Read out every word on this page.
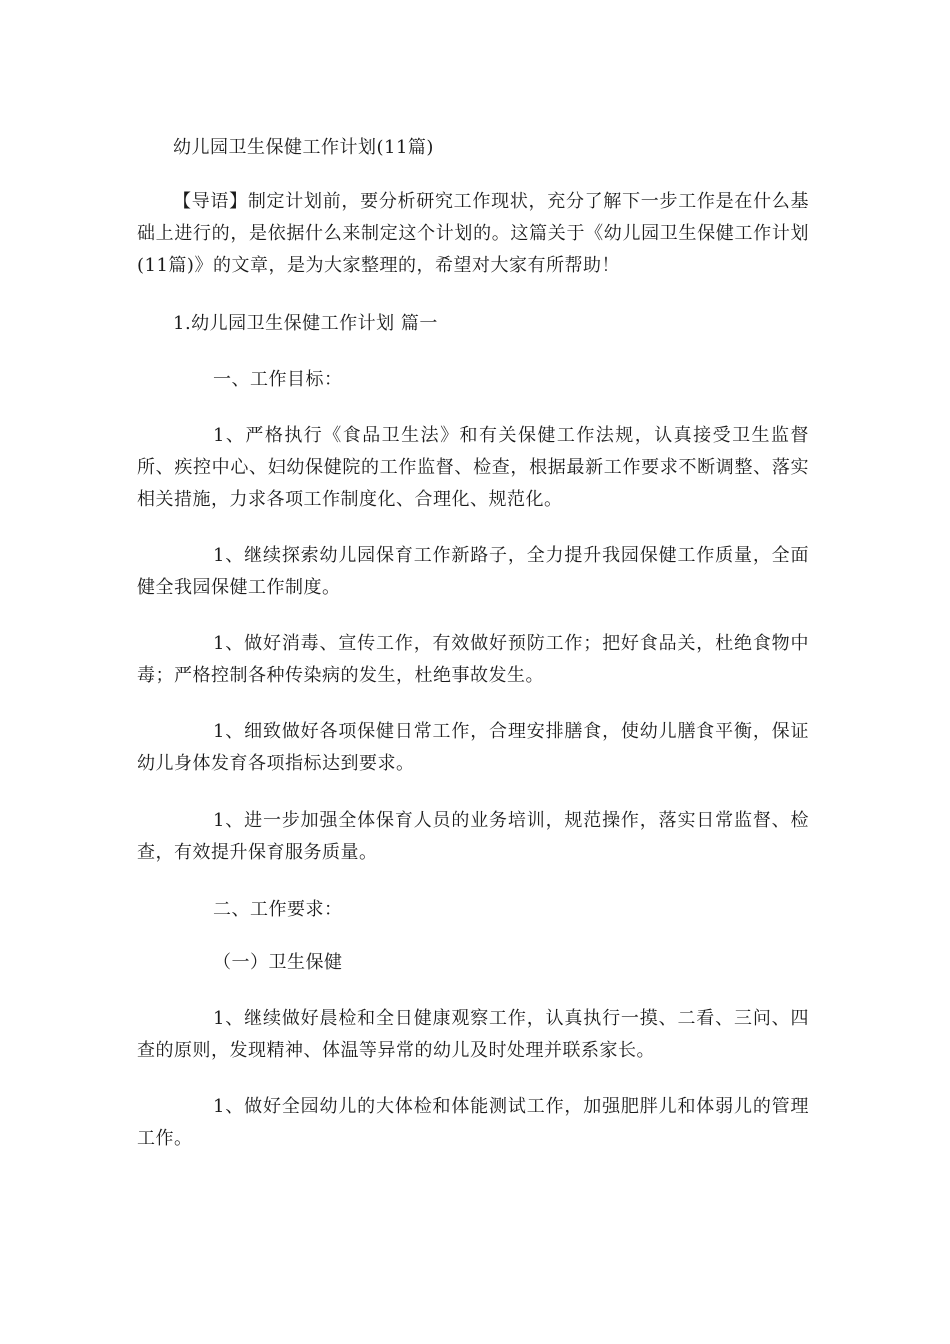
幼儿园卫生保健工作计划(11篇)

【导语】制定计划前，要分析研究工作现状，充分了解下一步工作是在什么基础上进行的，是依据什么来制定这个计划的。这篇关于《幼儿园卫生保健工作计划(11篇)》的文章，是为大家整理的，希望对大家有所帮助！

1.幼儿园卫生保健工作计划 篇一

一、工作目标：

1、严格执行《食品卫生法》和有关保健工作法规，认真接受卫生监督所、疾控中心、妇幼保健院的工作监督、检查，根据最新工作要求不断调整、落实相关措施，力求各项工作制度化、合理化、规范化。

1、继续探索幼儿园保育工作新路子，全力提升我园保健工作质量，全面健全我园保健工作制度。

1、做好消毒、宣传工作，有效做好预防工作；把好食品关，杜绝食物中毒；严格控制各种传染病的发生，杜绝事故发生。

1、细致做好各项保健日常工作，合理安排膳食，使幼儿膳食平衡，保证幼儿身体发育各项指标达到要求。

1、进一步加强全体保育人员的业务培训，规范操作，落实日常监督、检查，有效提升保育服务质量。

二、工作要求：

（一）卫生保健

1、继续做好晨检和全日健康观察工作，认真执行一摸、二看、三问、四查的原则，发现精神、体温等异常的幼儿及时处理并联系家长。

1、做好全园幼儿的大体检和体能测试工作，加强肥胖儿和体弱儿的管理工作。
